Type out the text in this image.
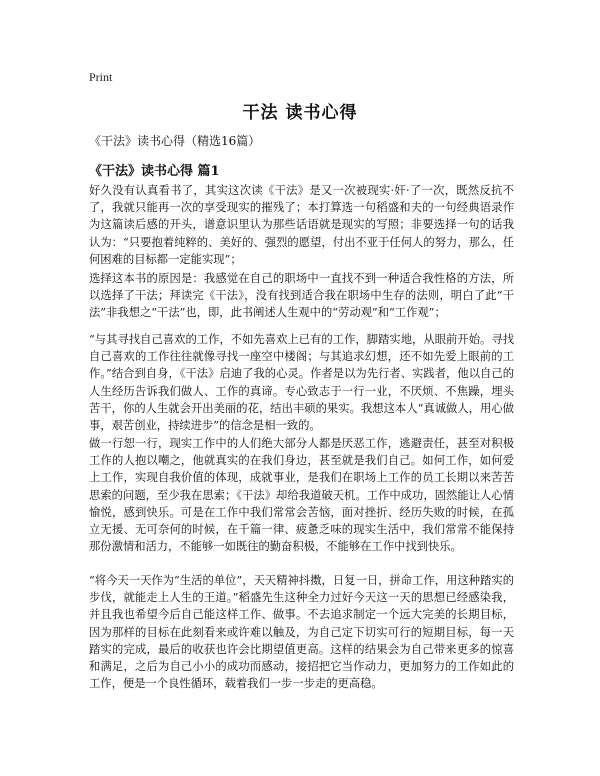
Print
干法 读书心得
《干法》读书心得（精选16篇）
《干法》读书心得 篇1

好久没有认真看书了，其实这次读《干法》是又一次被现实·奸·了一次，既然反抗不了，我就只能再一次的享受现实的摧残了；本打算选一句稻盛和夫的一句经典语录作为这篇读后感的开头，谱意识里认为那些话语就是现实的写照；非要选择一句的话我认为：“只要抱着纯粹的、美好的、强烈的愿望，付出不亚于任何人的努力，那么，任何困难的目标都一定能实现”；

选择这本书的原因是：我感觉在自己的职场中一直找不到一种适合我性格的方法，所以选择了干法；拜读完《干法》，没有找到适合我在职场中生存的法则，明白了此“干法”非我想之“干法”也，即，此书阐述人生观中的“劳动观”和“工作观”；

“与其寻找自己喜欢的工作，不如先喜欢上已有的工作，脚踏实地，从眼前开始。寻找自己喜欢的工作往往就像寻找一座空中楼阁；与其追求幻想，还不如先爱上眼前的工作。”结合到自身，《干法》启迪了我的心灵。作者是以为先行者、实践者，他以自己的人生经历告诉我们做人、工作的真谛。专心致志于一行一业，不厌烦、不焦躁，埋头苦干，你的人生就会开出美丽的花，结出丰硕的果实。我想这本人“真诚做人，用心做事，艰苦创业，持续进步”的信念是相一致的。

做一行恕一行，现实工作中的人们绝大部分人都是厌恶工作，逃避责任，甚至对积极工作的人抱以嘲之，他就真实的在我们身边，甚至就是我们自己。如何工作，如何爱上工作，实现自我价值的体现，成就事业，是我们在职场上工作的员工长期以来苦苦思索的问题，至少我在思索；《干法》却给我道破天机。工作中成功，固然能让人心情愉悦，感到快乐。可是在工作中我们常常会苦恼，面对挫折、经历失败的时候，在孤立无援、无可奈何的时候，在千篇一律、疲惫乏味的现实生活中，我们常常不能保持那份激情和活力，不能够一如既往的勤奋积极，不能够在工作中找到快乐。

“将今天一天作为“生活的单位”，天天精神抖擞，日复一日，拼命工作，用这种踏实的步伐，就能走上人生的王道。”稻盛先生这种全力过好今天这一天的思想已经感染我，并且我也希望今后自己能这样工作、做事。不去追求制定一个远大完美的长期目标，因为那样的目标在此刻看来或许难以触及，为自己定下切实可行的短期目标，每一天踏实的完成，最后的收获也许会比期望值更高。这样的结果会为自己带来更多的惊喜和满足，之后为自己小小的成功而感动，接招把它当作动力，更加努力的工作如此的工作，便是一个良性循环，载着我们一步一步走的更高稳。
